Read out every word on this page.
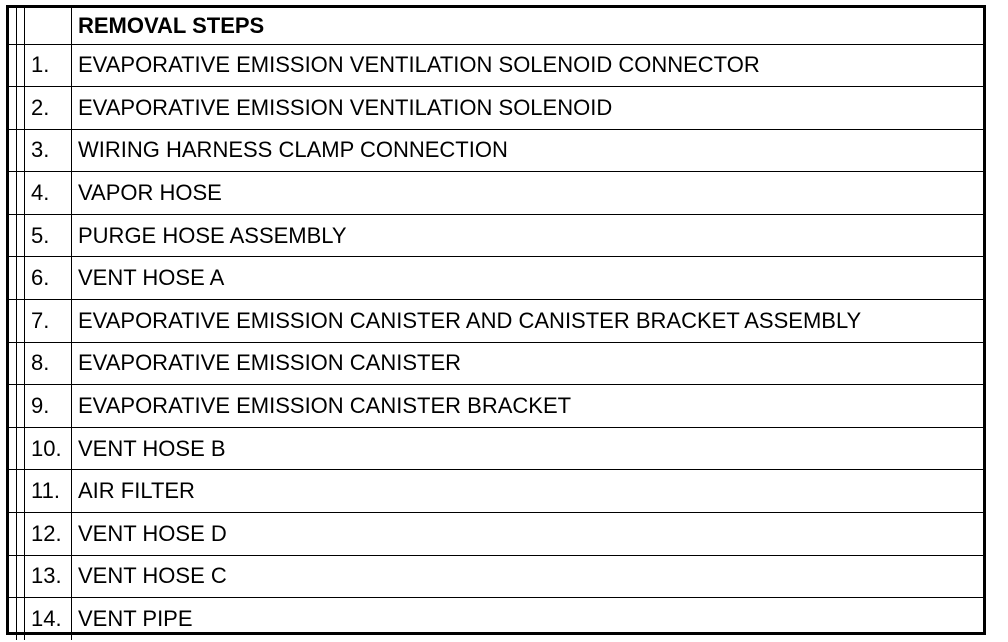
			REMOVAL STEPS
		1.	EVAPORATIVE EMISSION VENTILATION SOLENOID CONNECTOR
		2.	EVAPORATIVE EMISSION VENTILATION SOLENOID
		3.	WIRING HARNESS CLAMP CONNECTION
		4.	VAPOR HOSE
		5.	PURGE HOSE ASSEMBLY
		6.	VENT HOSE A
		7.	EVAPORATIVE EMISSION CANISTER AND CANISTER BRACKET ASSEMBLY
		8.	EVAPORATIVE EMISSION CANISTER
		9.	EVAPORATIVE EMISSION CANISTER BRACKET
		10.	VENT HOSE B
		11.	AIR FILTER
		12.	VENT HOSE D
		13.	VENT HOSE C
		14.	VENT PIPE
